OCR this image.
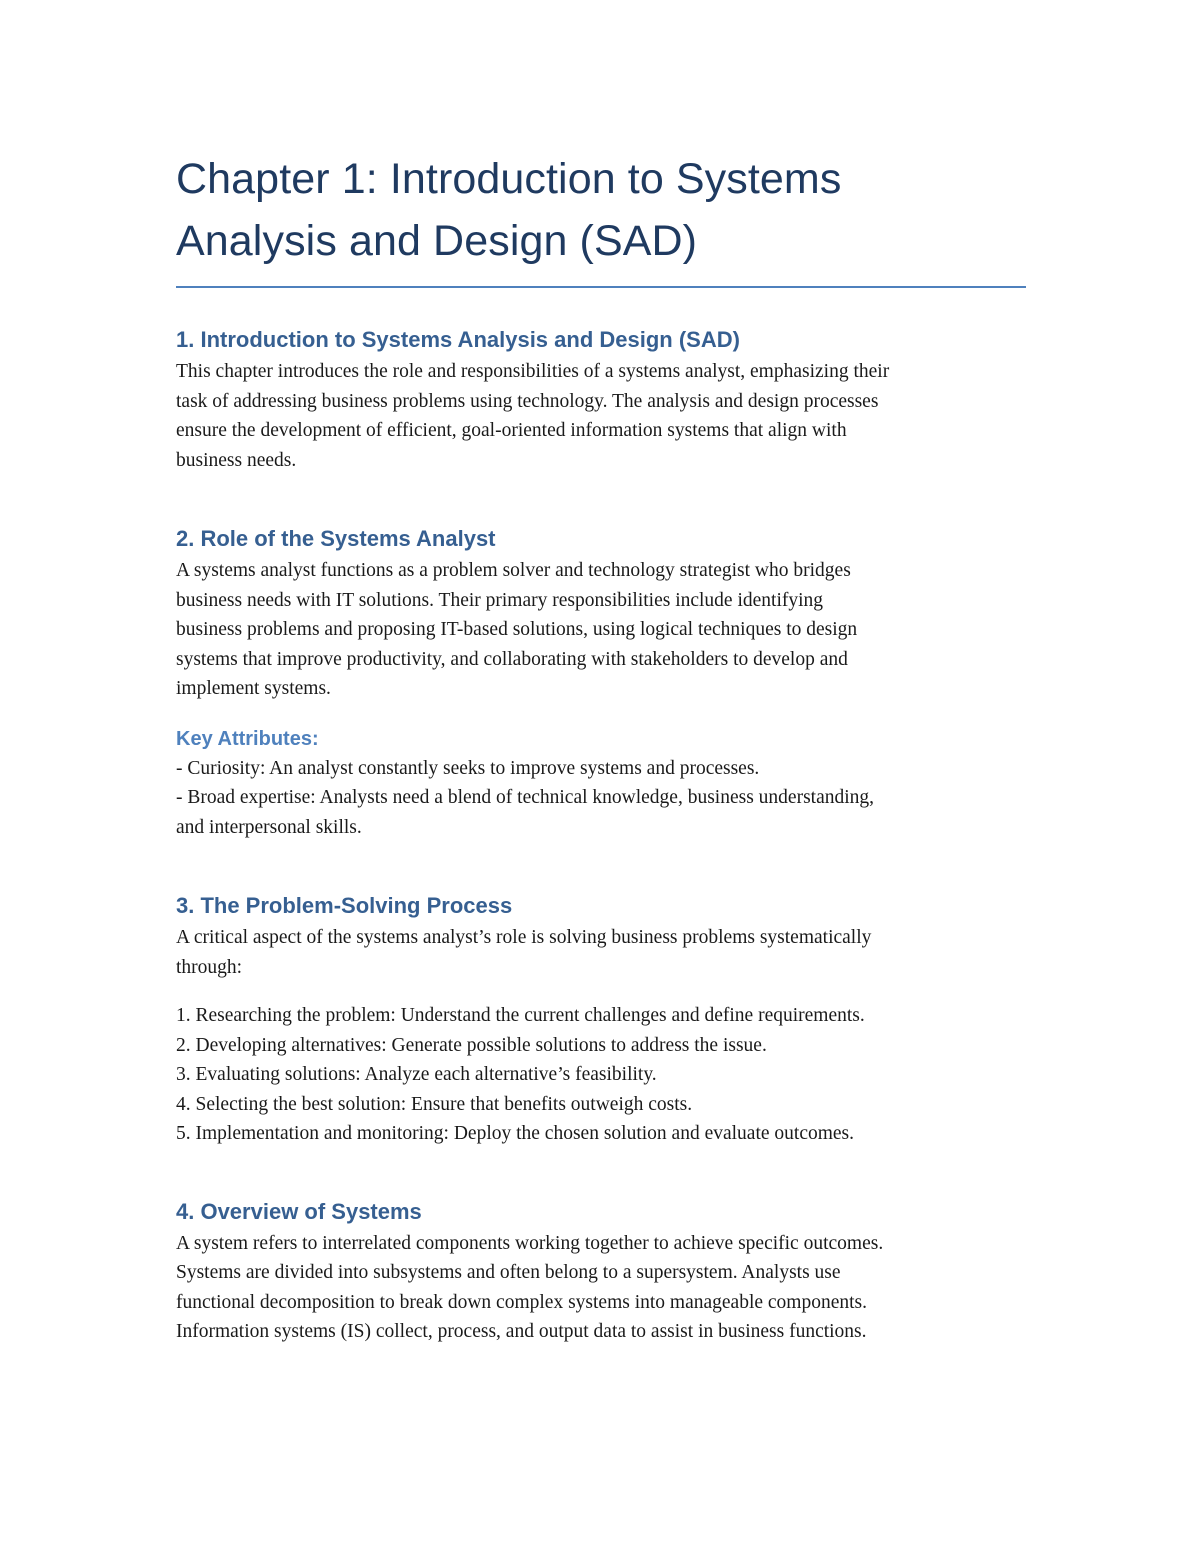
Chapter 1: Introduction to Systems
Analysis and Design (SAD)
1. Introduction to Systems Analysis and Design (SAD)

This chapter introduces the role and responsibilities of a systems analyst, emphasizing their
task of addressing business problems using technology. The analysis and design processes
ensure the development of efficient, goal-oriented information systems that align with
business needs.

2. Role of the Systems Analyst

A systems analyst functions as a problem solver and technology strategist who bridges
business needs with IT solutions. Their primary responsibilities include identifying
business problems and proposing IT-based solutions, using logical techniques to design
systems that improve productivity, and collaborating with stakeholders to develop and
implement systems.

Key Attributes:

- Curiosity: An analyst constantly seeks to improve systems and processes.
- Broad expertise: Analysts need a blend of technical knowledge, business understanding,
and interpersonal skills.

3. The Problem-Solving Process

A critical aspect of the systems analyst’s role is solving business problems systematically
through:

1. Researching the problem: Understand the current challenges and define requirements.
2. Developing alternatives: Generate possible solutions to address the issue.
3. Evaluating solutions: Analyze each alternative’s feasibility.
4. Selecting the best solution: Ensure that benefits outweigh costs.
5. Implementation and monitoring: Deploy the chosen solution and evaluate outcomes.

4. Overview of Systems

A system refers to interrelated components working together to achieve specific outcomes.
Systems are divided into subsystems and often belong to a supersystem. Analysts use
functional decomposition to break down complex systems into manageable components.
Information systems (IS) collect, process, and output data to assist in business functions.
